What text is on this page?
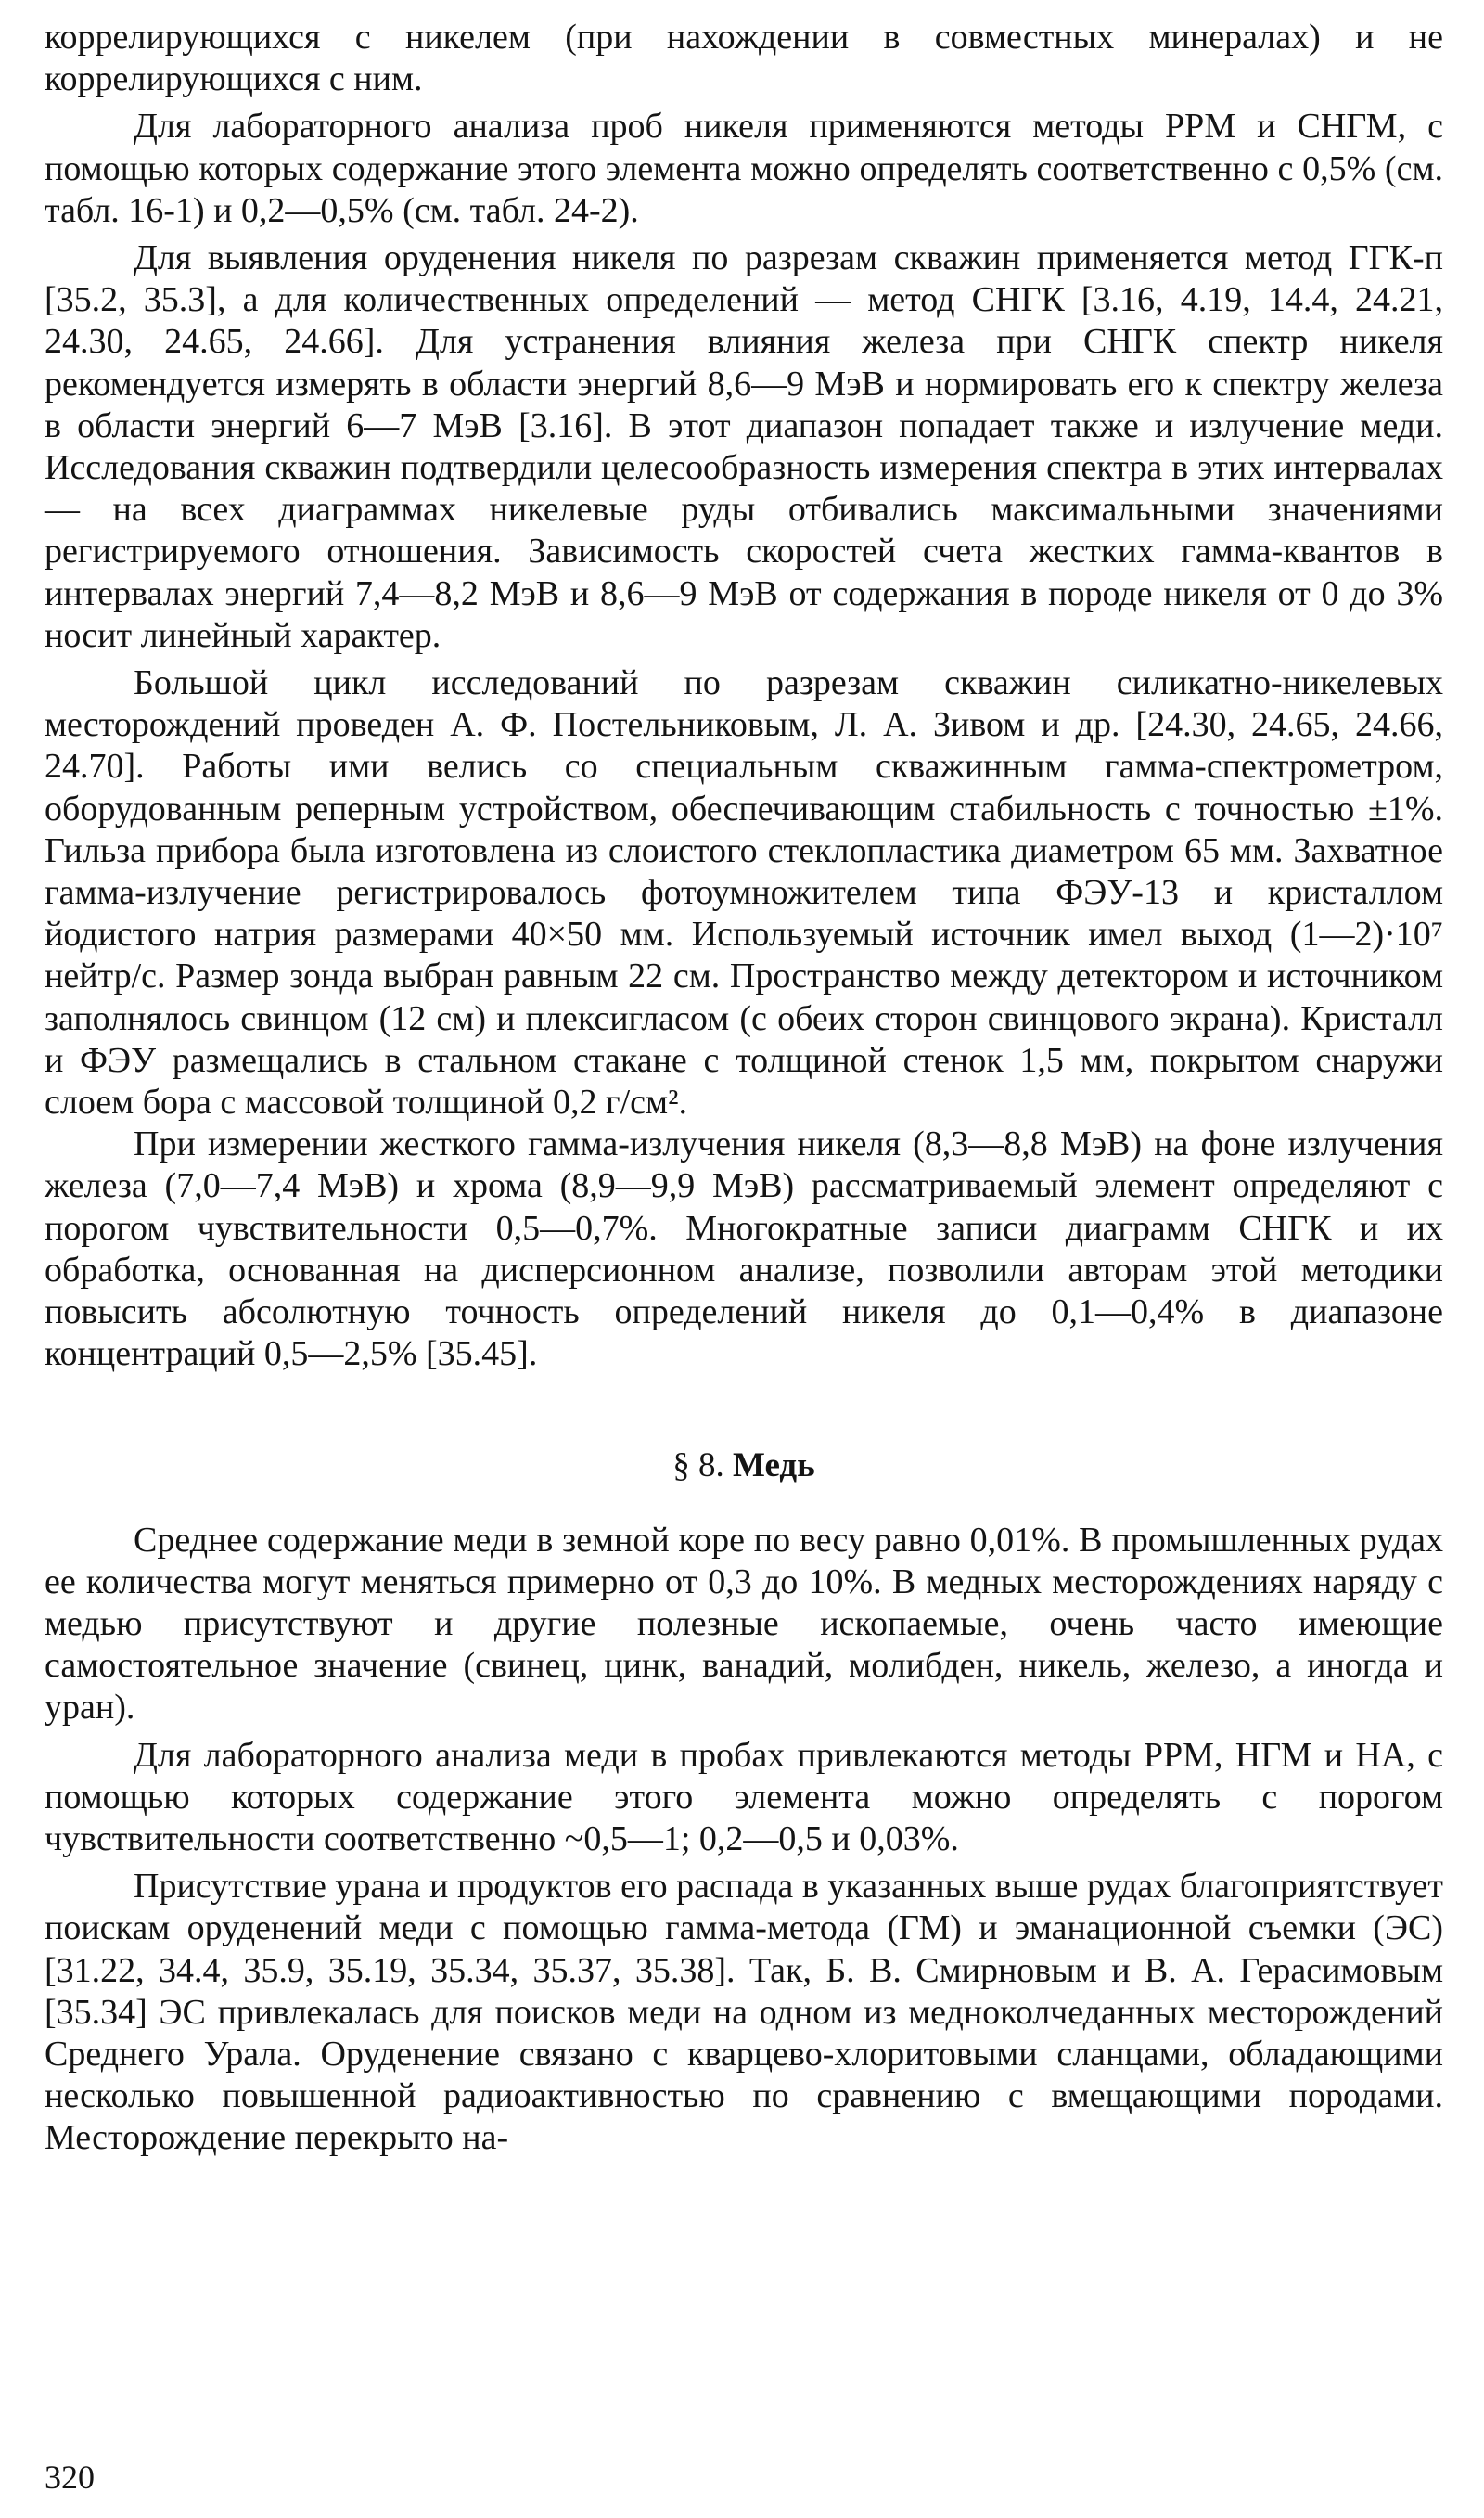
коррелирующихся с никелем (при нахождении в совместных минералах) и не коррелирующихся с ним.

Для лабораторного анализа проб никеля применяются методы PPM и СНГМ, с помощью которых содержание этого элемента можно определять соответственно с 0,5% (см. табл. 16-1) и 0,2—0,5% (см. табл. 24-2).

Для выявления оруденения никеля по разрезам скважин применяется метод ГГК-п [35.2, 35.3], а для количественных определений — метод СНГК [3.16, 4.19, 14.4, 24.21, 24.30, 24.65, 24.66]. Для устранения влияния железа при СНГК спектр никеля рекомендуется измерять в области энергий 8,6—9 МэВ и нормировать его к спектру железа в области энергий 6—7 МэВ [3.16]. В этот диапазон попадает также и излучение меди. Исследования скважин подтвердили целесообразность измерения спектра в этих интервалах — на всех диаграммах никелевые руды отбивались максимальными значениями регистрируемого отношения. Зависимость скоростей счета жестких гамма-квантов в интервалах энергий 7,4—8,2 МэВ и 8,6—9 МэВ от содержания в породе никеля от 0 до 3% носит линейный характер.

Большой цикл исследований по разрезам скважин силикатно-никелевых месторождений проведен А. Ф. Постельниковым, Л. А. Зивом и др. [24.30, 24.65, 24.66, 24.70]. Работы ими велись со специальным скважинным гамма-спектрометром, оборудованным реперным устройством, обеспечивающим стабильность с точностью ±1%. Гильза прибора была изготовлена из слоистого стеклопластика диаметром 65 мм. Захватное гамма-излучение регистрировалось фотоумножителем типа ФЭУ-13 и кристаллом йодистого натрия размерами 40×50 мм. Используемый источник имел выход (1—2)·10⁷ нейтр/с. Размер зонда выбран равным 22 см. Пространство между детектором и источником заполнялось свинцом (12 см) и плексигласом (с обеих сторон свинцового экрана). Кристалл и ФЭУ размещались в стальном стакане с толщиной стенок 1,5 мм, покрытом снаружи слоем бора с массовой толщиной 0,2 г/см².

При измерении жесткого гамма-излучения никеля (8,3—8,8 МэВ) на фоне излучения железа (7,0—7,4 МэВ) и хрома (8,9—9,9 МэВ) рассматриваемый элемент определяют с порогом чувствительности 0,5—0,7%. Многократные записи диаграмм СНГК и их обработка, основанная на дисперсионном анализе, позволили авторам этой методики повысить абсолютную точность определений никеля до 0,1—0,4% в диапазоне концентраций 0,5—2,5% [35.45].

§ 8. Медь

Среднее содержание меди в земной коре по весу равно 0,01%. В промышленных рудах ее количества могут меняться примерно от 0,3 до 10%. В медных месторождениях наряду с медью присутствуют и другие полезные ископаемые, очень часто имеющие самостоятельное значение (свинец, цинк, ванадий, молибден, никель, железо, а иногда и уран).

Для лабораторного анализа меди в пробах привлекаются методы PPM, НГМ и НА, с помощью которых содержание этого элемента можно определять с порогом чувствительности соответственно ~0,5—1; 0,2—0,5 и 0,03%.

Присутствие урана и продуктов его распада в указанных выше рудах благоприятствует поискам оруденений меди с помощью гамма-метода (ГМ) и эманационной съемки (ЭС) [31.22, 34.4, 35.9, 35.19, 35.34, 35.37, 35.38]. Так, Б. В. Смирновым и В. А. Герасимовым [35.34] ЭС привлекалась для поисков меди на одном из медноколчеданных месторождений Среднего Урала. Оруденение связано с кварцево-хлоритовыми сланцами, обладающими несколько повышенной радиоактивностью по сравнению с вмещающими породами. Месторождение перекрыто на-

320
